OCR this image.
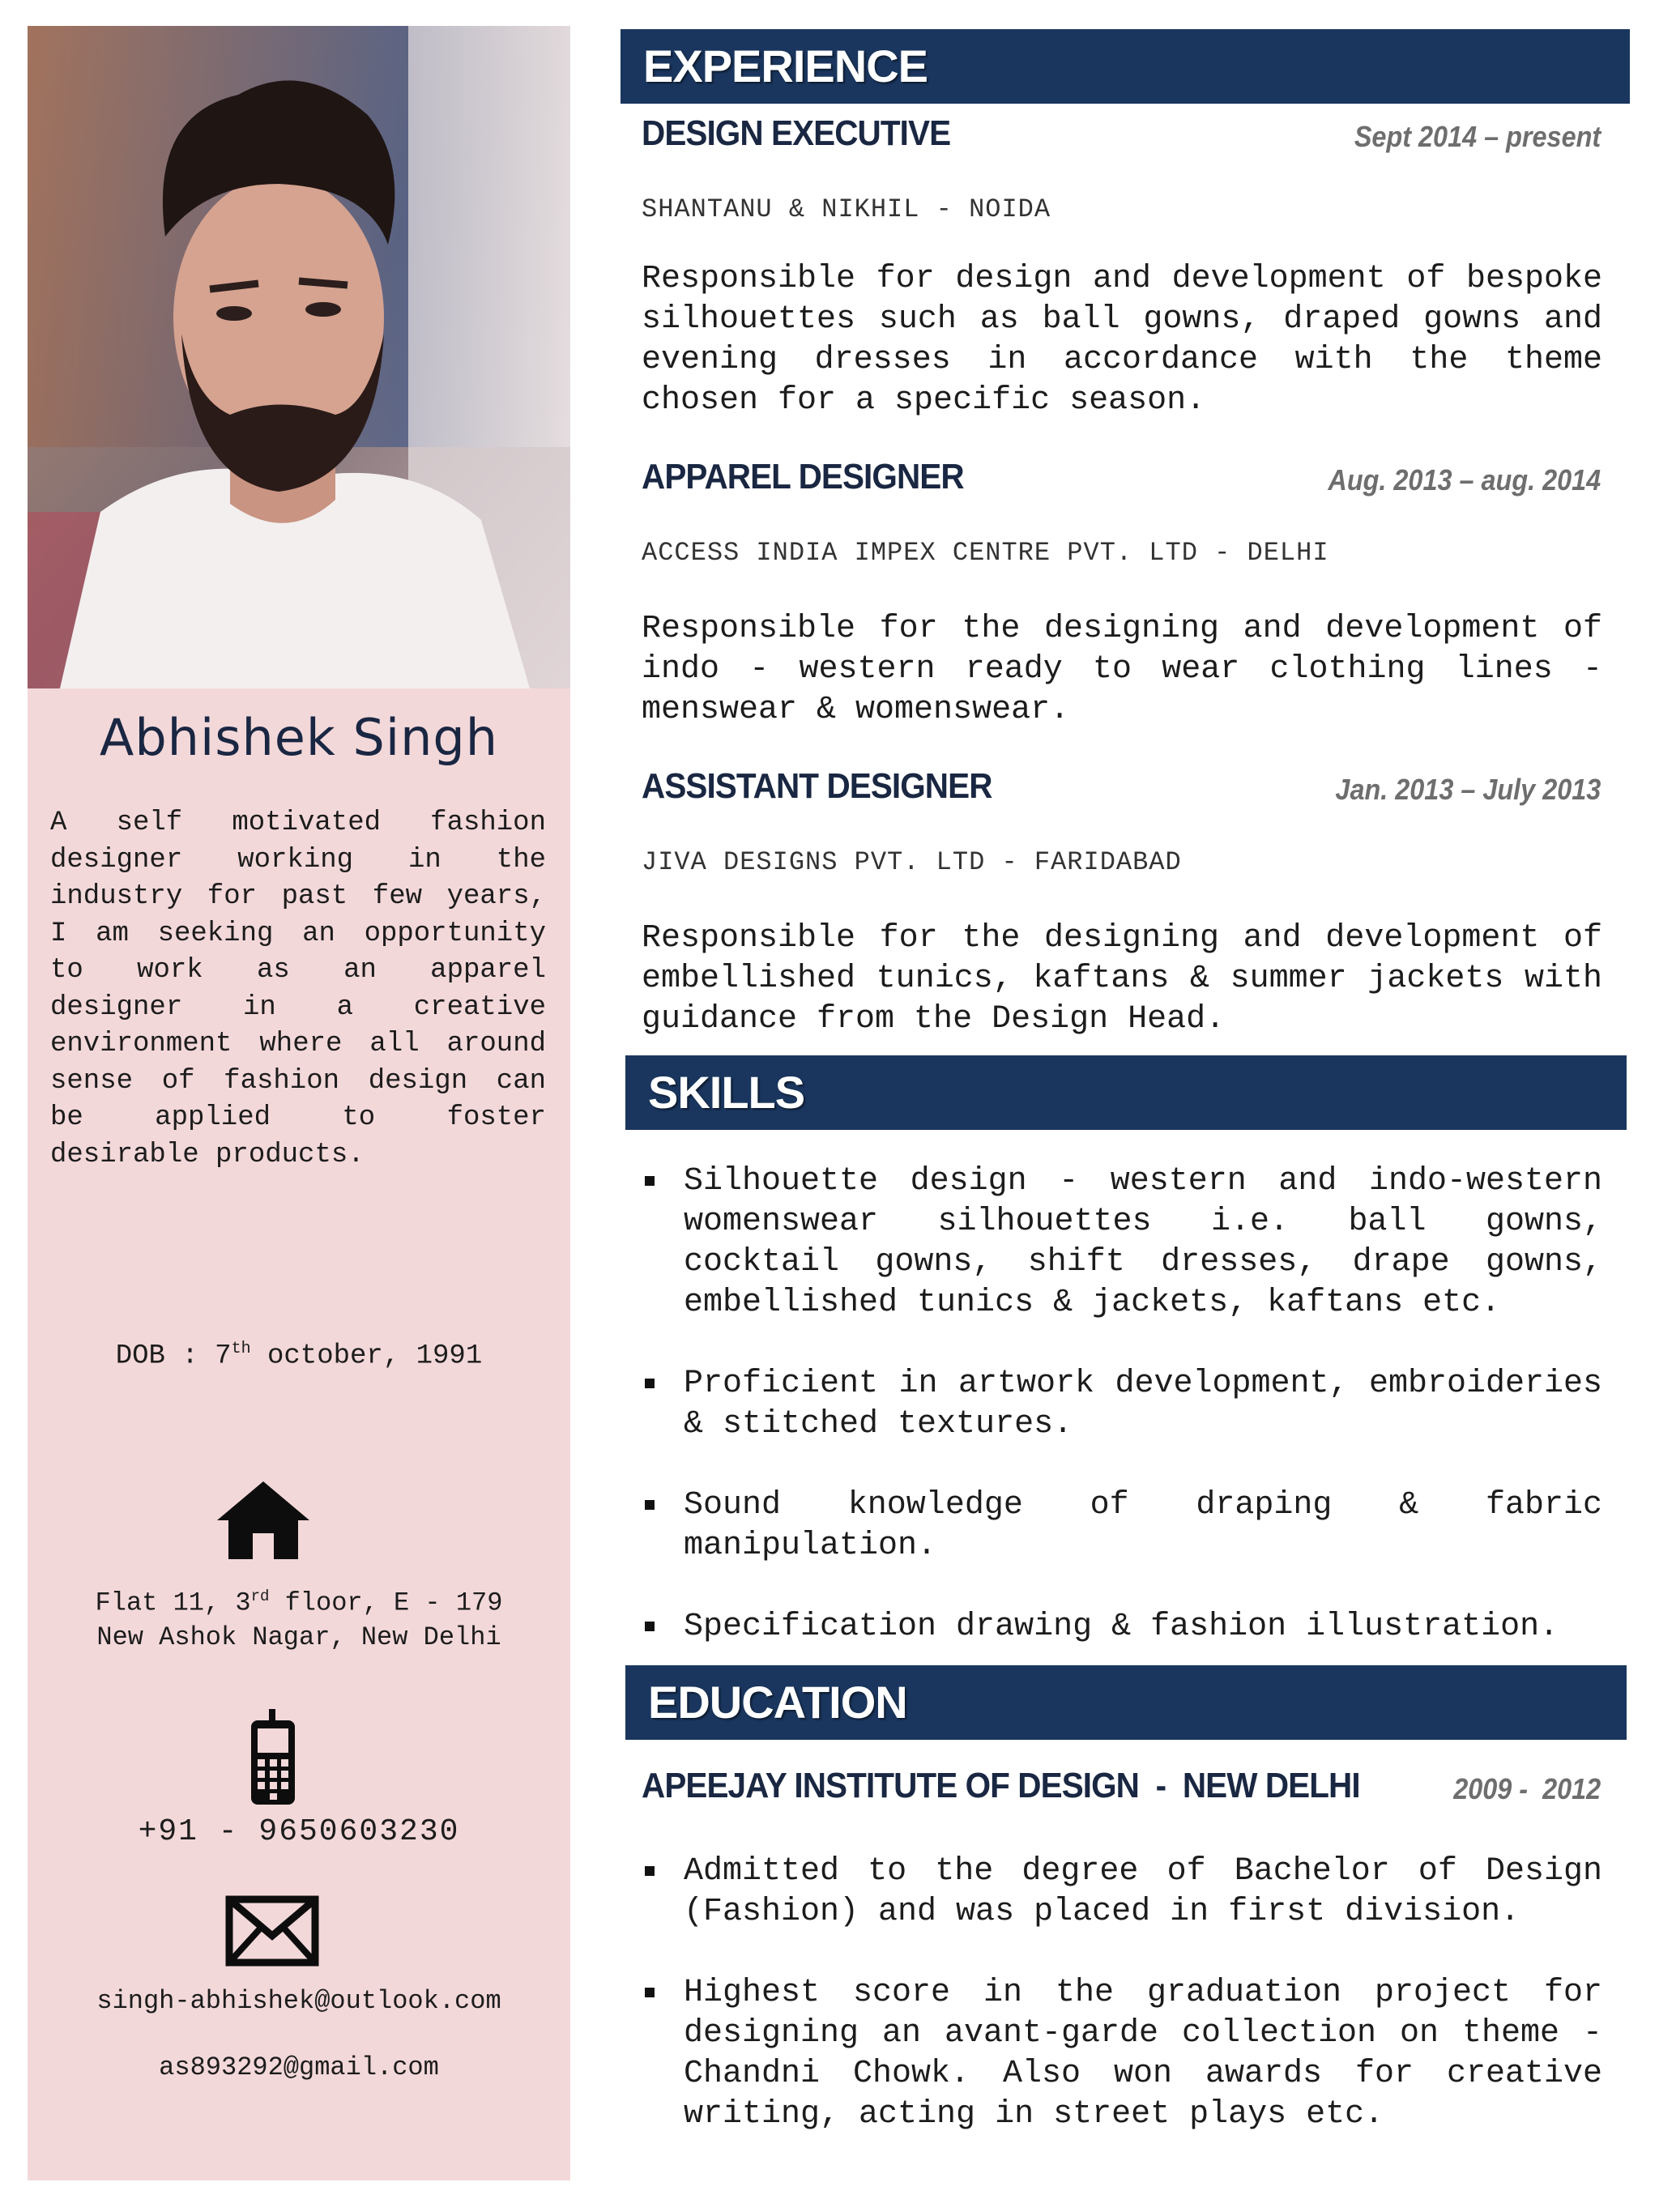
Abhishek Singh
A self motivated fashion designer working in the industry for past few years, I am seeking an opportunity to work as an apparel designer in a creative environment where all around sense of fashion design can be applied to foster desirable products.
DOB : 7th october, 1991
Flat 11, 3rd floor, E - 179
New Ashok Nagar, New Delhi
+91 - 9650603230
singh-abhishek@outlook.com
as893292@gmail.com
EXPERIENCE
DESIGN EXECUTIVE	Sept 2014 – present
SHANTANU & NIKHIL - NOIDA
Responsible for design and development of bespoke silhouettes such as ball gowns, draped gowns and evening dresses in accordance with the theme chosen for a specific season.
APPAREL DESIGNER	Aug. 2013 – aug. 2014
ACCESS INDIA IMPEX CENTRE PVT. LTD - DELHI
Responsible for the designing and development of indo - western ready to wear clothing lines - menswear & womenswear.
ASSISTANT DESIGNER	Jan. 2013 – July 2013
JIVA DESIGNS PVT. LTD - FARIDABAD
Responsible for the designing and development of embellished tunics, kaftans & summer jackets with guidance from the Design Head.
SKILLS
Silhouette design - western and indo-western womenswear silhouettes i.e. ball gowns, cocktail gowns, shift dresses, drape gowns, embellished tunics & jackets, kaftans etc.
Proficient in artwork development, embroideries & stitched textures.
Sound knowledge of draping & fabric manipulation.
Specification drawing & fashion illustration.
EDUCATION
APEEJAY INSTITUTE OF DESIGN  -  NEW DELHI	2009 -  2012
Admitted to the degree of Bachelor of Design (Fashion) and was placed in first division.
Highest score in the graduation project for designing an avant-garde collection on theme - Chandni Chowk. Also won awards for creative writing, acting in street plays etc.
